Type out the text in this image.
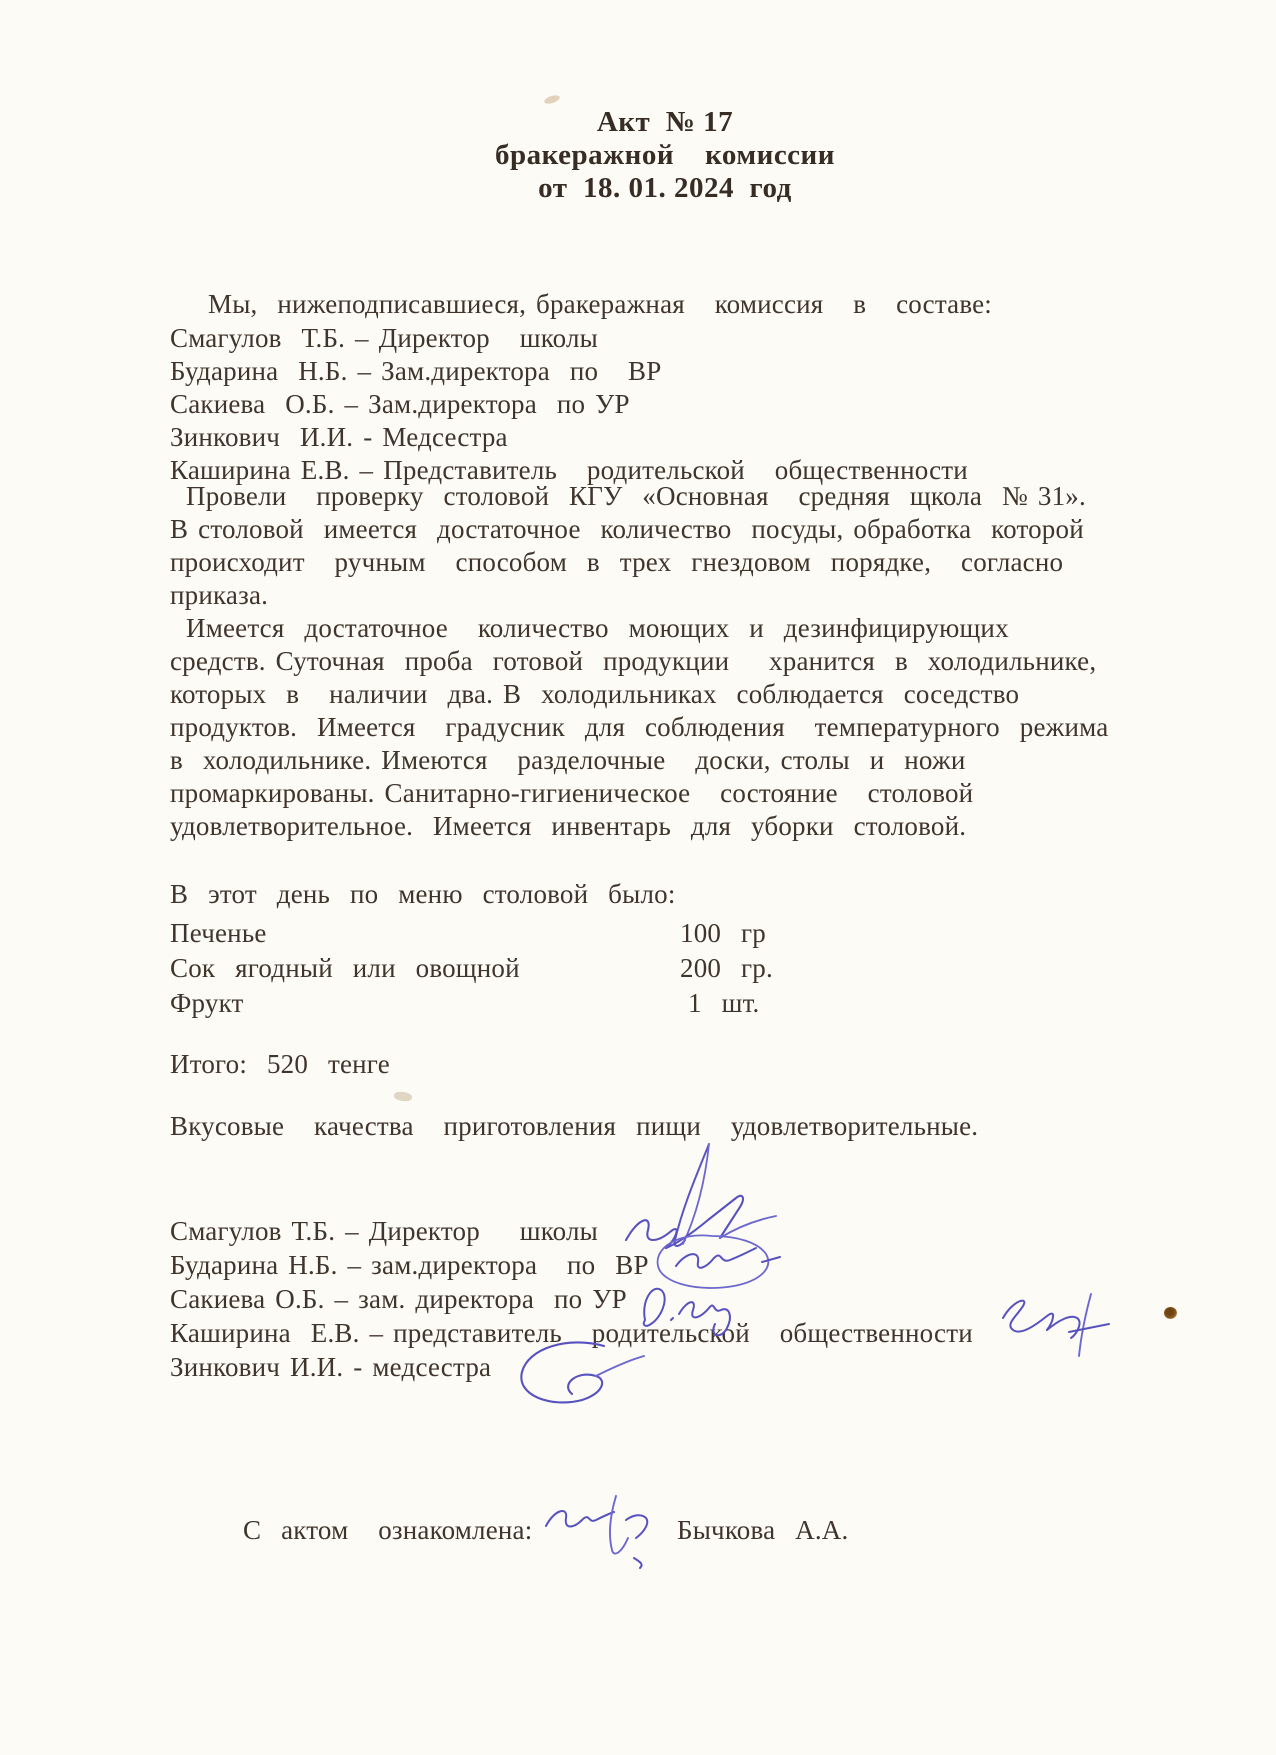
Акт  № 17
бракеражной    комиссии
от  18. 01. 2024  год
Мы,  нижеподписавшиеся, бракеражная   комиссия   в   составе:
Смагулов  Т.Б. – Директор   школы
Бударина  Н.Б. – Зам.директора  по   ВР
Сакиева  О.Б. – Зам.директора  по УР
Зинкович  И.И. - Медсестра
Каширина Е.В. – Представитель   родительской   общественности
Провели   проверку  столовой  КГУ  «Основная   средняя  щкола  № 31».
В столовой  имеется  достаточное  количество  посуды, обработка  которой
происходит   ручным   способом  в  трех  гнездовом  порядке,   согласно
приказа.
Имеется  достаточное   количество  моющих  и  дезинфицирующих
средств. Суточная  проба  готовой  продукции    хранится  в  холодильнике,
которых  в   наличии  два. В  холодильниках  соблюдается  соседство
продуктов.  Имеется   градусник  для  соблюдения   температурного  режима
в  холодильнике. Имеются   разделочные   доски, столы  и  ножи
промаркированы. Санитарно-гигиеническое   состояние   столовой
удовлетворительное.  Имеется  инвентарь  для  уборки  столовой.
В  этот  день  по  меню  столовой  было:
Печенье	100  гр
Сок  ягодный  или  овощной	200  гр.
Фрукт	1  шт.
Итого:  520  тенге
Вкусовые   качества   приготовления  пищи   удовлетворительные.
Смагулов Т.Б. – Директор    школы
Бударина Н.Б. – зам.директора   по  ВР
Сакиева О.Б. – зам. директора  по УР
Каширина  Е.В. – представитель   родительской   общественности
Зинкович И.И. - медсестра
С  актом   ознакомлена:	Бычкова  А.А.
